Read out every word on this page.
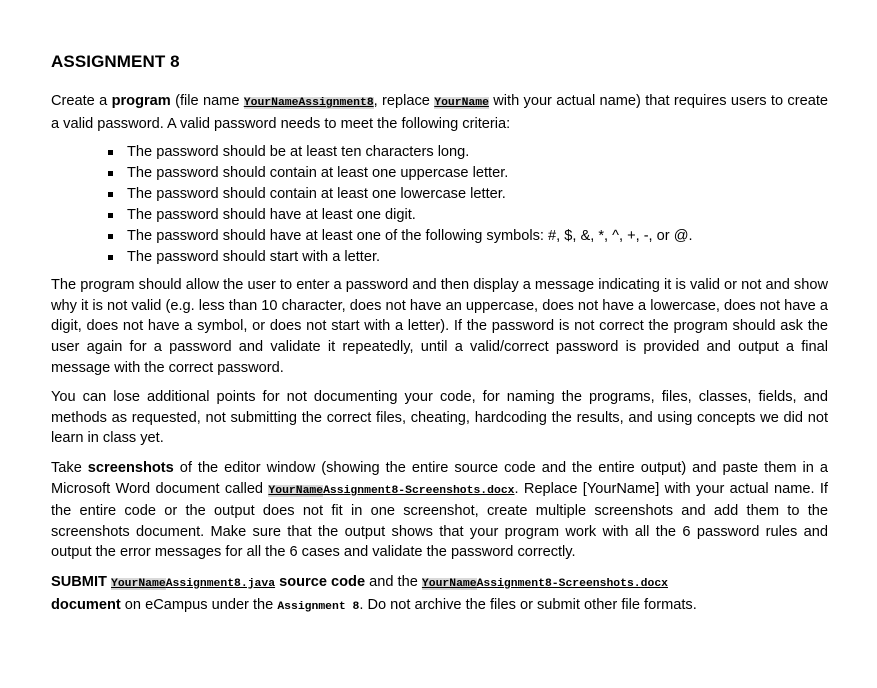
ASSIGNMENT 8

Create a program (file name YourNameAssignment8, replace YourName with your actual name) that requires users to create a valid password. A valid password needs to meet the following criteria:

The password should be at least ten characters long.
The password should contain at least one uppercase letter.
The password should contain at least one lowercase letter.
The password should have at least one digit.
The password should have at least one of the following symbols: #, $, &, *, ^, +, -, or @.
The password should start with a letter.

The program should allow the user to enter a password and then display a message indicating it is valid or not and show why it is not valid (e.g. less than 10 character, does not have an uppercase, does not have a lowercase, does not have a digit, does not have a symbol, or does not start with a letter). If the password is not correct the program should ask the user again for a password and validate it repeatedly, until a valid/correct password is provided and output a final message with the correct password.

You can lose additional points for not documenting your code, for naming the programs, files, classes, fields, and methods as requested, not submitting the correct files, cheating, hardcoding the results, and using concepts we did not learn in class yet.

Take screenshots of the editor window (showing the entire source code and the entire output) and paste them in a Microsoft Word document called YourNameAssignment8-Screenshots.docx. Replace [YourName] with your actual name. If the entire code or the output does not fit in one screenshot, create multiple screenshots and add them to the screenshots document. Make sure that the output shows that your program work with all the 6 password rules and output the error messages for all the 6 cases and validate the password correctly.

SUBMIT YourNameAssignment8.java source code and the YourNameAssignment8-Screenshots.docx
document on eCampus under the Assignment 8. Do not archive the files or submit other file formats.
